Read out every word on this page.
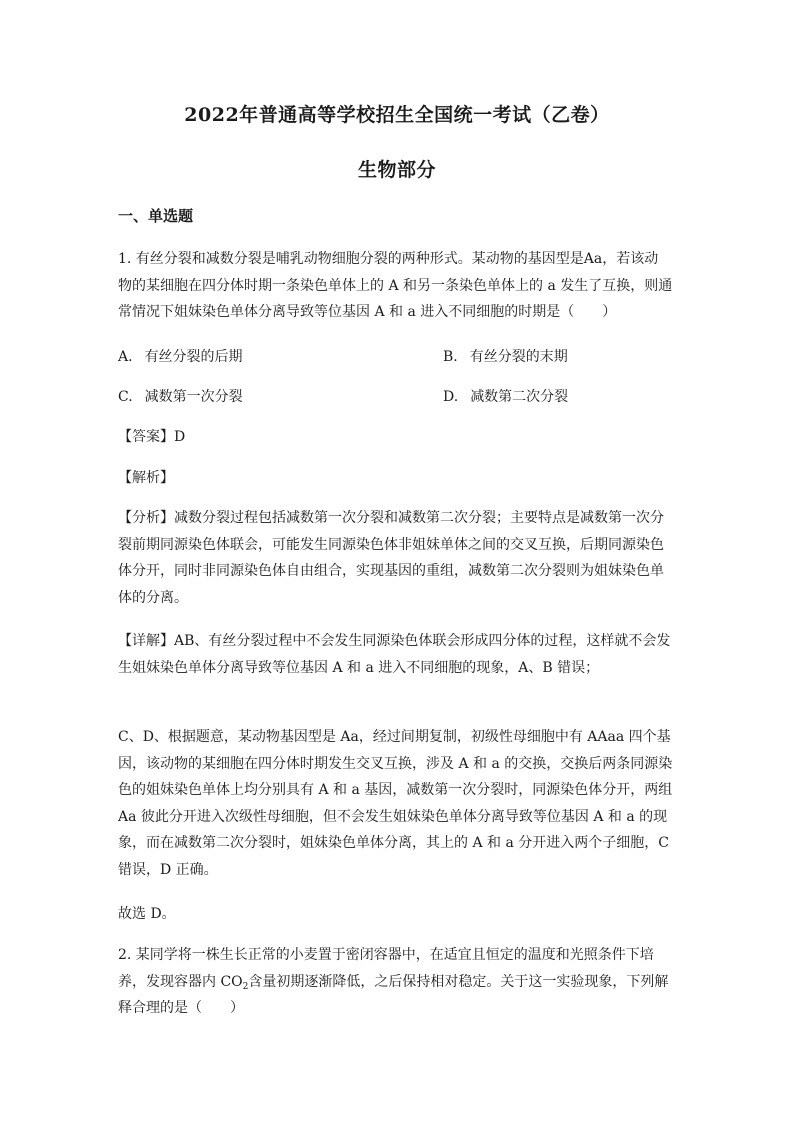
2022年普通高等学校招生全国统一考试（乙卷）
生物部分
一、单选题
1. 有丝分裂和减数分裂是哺乳动物细胞分裂的两种形式。某动物的基因型是Aa，若该动
物的某细胞在四分体时期一条染色单体上的 A 和另一条染色单体上的 a 发生了互换，则通
常情况下姐妹染色单体分离导致等位基因 A 和 a 进入不同细胞的时期是（　　）
A. 有丝分裂的后期	B. 有丝分裂的末期
C. 减数第一次分裂	D. 减数第二次分裂
【答案】D
【解析】
【分析】减数分裂过程包括减数第一次分裂和减数第二次分裂；主要特点是减数第一次分
裂前期同源染色体联会，可能发生同源染色体非姐妹单体之间的交叉互换，后期同源染色
体分开，同时非同源染色体自由组合，实现基因的重组，减数第二次分裂则为姐妹染色单
体的分离。
【详解】AB、有丝分裂过程中不会发生同源染色体联会形成四分体的过程，这样就不会发
生姐妹染色单体分离导致等位基因 A 和 a 进入不同细胞的现象，A、B 错误；
C、D、根据题意，某动物基因型是 Aa，经过间期复制，初级性母细胞中有 AAaa 四个基
因，该动物的某细胞在四分体时期发生交叉互换，涉及 A 和 a 的交换，交换后两条同源染
色的姐妹染色单体上均分别具有 A 和 a 基因，减数第一次分裂时，同源染色体分开，两组
Aa 彼此分开进入次级性母细胞，但不会发生姐妹染色单体分离导致等位基因 A 和 a 的现
象，而在减数第二次分裂时，姐妹染色单体分离，其上的 A 和 a 分开进入两个子细胞，C
错误，D 正确。
故选 D。
2. 某同学将一株生长正常的小麦置于密闭容器中，在适宜且恒定的温度和光照条件下培
养，发现容器内 $CO_2$含量初期逐渐降低，之后保持相对稳定。关于这一实验现象，下列解
释合理的是（　　）
